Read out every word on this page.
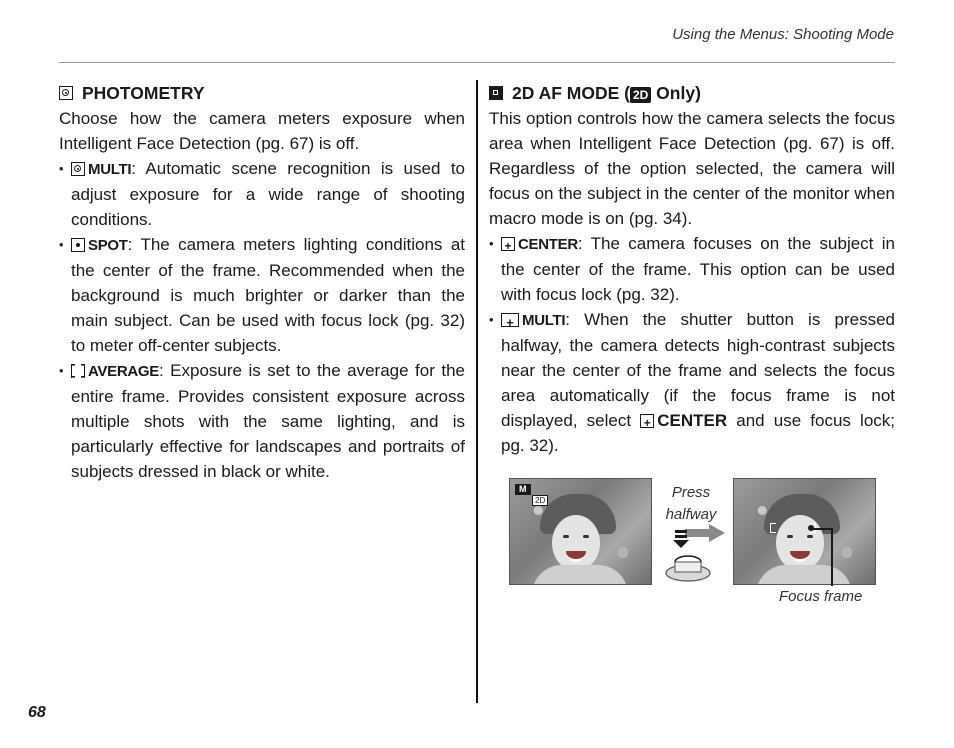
Using the Menus: Shooting Mode
PHOTOMETRY

Choose how the camera meters exposure when Intelligent Face Detection (pg. 67) is off.

• MULTI: Automatic scene recognition is used to adjust exposure for a wide range of shooting conditions.
• SPOT: The camera meters lighting conditions at the center of the frame. Recommended when the background is much brighter or darker than the main subject. Can be used with focus lock (pg. 32) to meter off-center subjects.
• AVERAGE: Exposure is set to the average for the entire frame. Provides consistent exposure across multiple shots with the same lighting, and is particularly effective for landscapes and portraits of subjects dressed in black or white.
2D AF MODE ( 2D Only)

This option controls how the camera selects the focus area when Intelligent Face Detection (pg. 67) is off. Regardless of the option selected, the camera will focus on the subject in the center of the monitor when macro mode is on (pg. 34).

+• CENTER: The camera focuses on the subject in the center of the frame. This option can be used with focus lock (pg. 32).
+• MULTI: When the shutter button is pressed halfway, the camera detects high-contrast subjects near the center of the frame and selects the focus area automatically (if the focus frame is not displayed, select +CENTER and use focus lock; pg. 32).
M
2D	Press halfway
Focus frame
68
